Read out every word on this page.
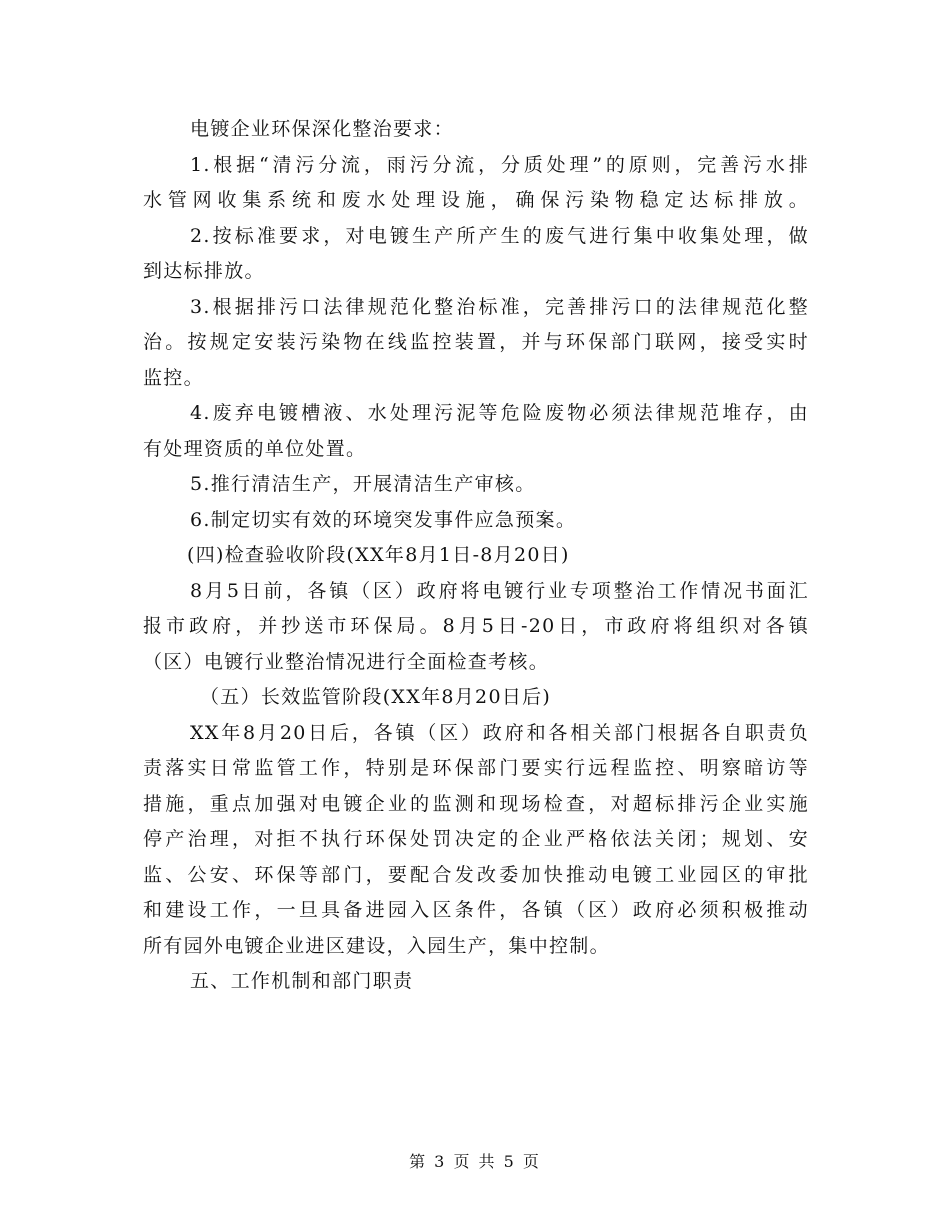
电镀企业环保深化整治要求：
1.根据“清污分流，雨污分流，分质处理”的原则，完善污水排
水管网收集系统和废水处理设施，确保污染物稳定达标排放。
2.按标准要求，对电镀生产所产生的废气进行集中收集处理，做
到达标排放。
3.根据排污口法律规范化整治标准，完善排污口的法律规范化整
治。按规定安装污染物在线监控装置，并与环保部门联网，接受实时
监控。
4.废弃电镀槽液、水处理污泥等危险废物必须法律规范堆存，由
有处理资质的单位处置。
5.推行清洁生产，开展清洁生产审核。
6.制定切实有效的环境突发事件应急预案。
(四)检查验收阶段(XX年8月1日-8月20日)
8月5日前，各镇（区）政府将电镀行业专项整治工作情况书面汇
报市政府，并抄送市环保局。8月5日-20日，市政府将组织对各镇
（区）电镀行业整治情况进行全面检查考核。
（五）长效监管阶段(XX年8月20日后)
XX年8月20日后，各镇（区）政府和各相关部门根据各自职责负
责落实日常监管工作，特别是环保部门要实行远程监控、明察暗访等
措施，重点加强对电镀企业的监测和现场检查，对超标排污企业实施
停产治理，对拒不执行环保处罚决定的企业严格依法关闭；规划、安
监、公安、环保等部门，要配合发改委加快推动电镀工业园区的审批
和建设工作，一旦具备进园入区条件，各镇（区）政府必须积极推动
所有园外电镀企业进区建设，入园生产，集中控制。
五、工作机制和部门职责
第 3 页 共 5 页
